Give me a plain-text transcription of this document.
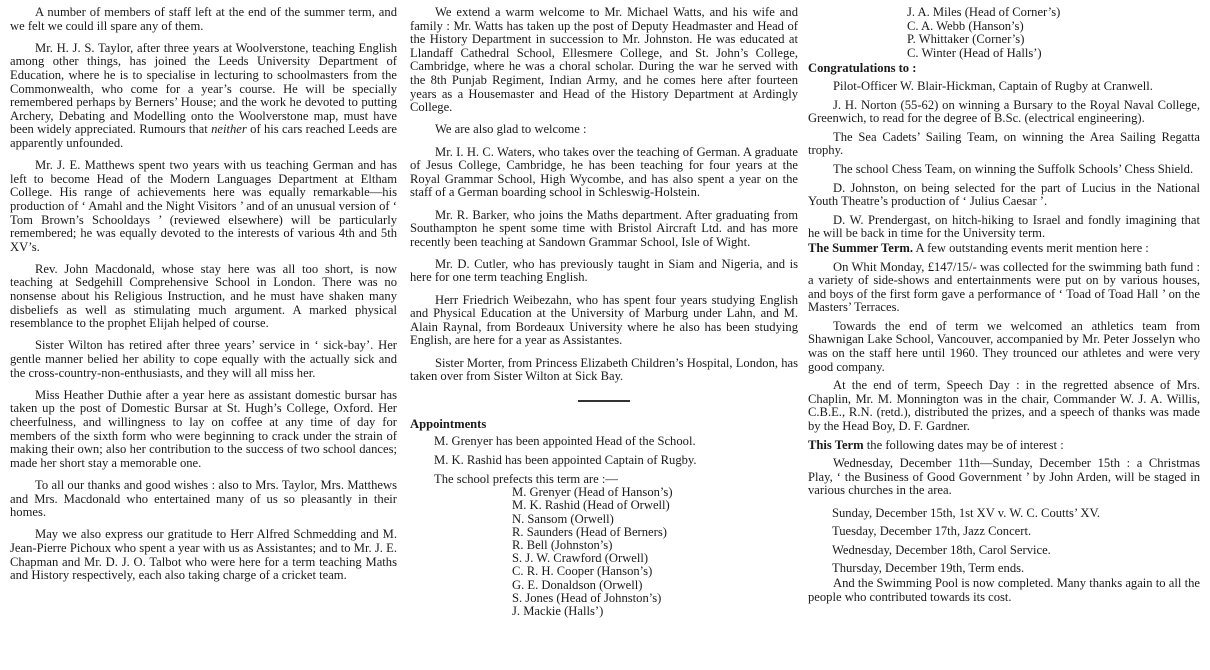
A number of members of staff left at the end of the summer term, and we felt we could ill spare any of them.

Mr. H. J. S. Taylor, after three years at Woolverstone, teaching English among other things, has joined the Leeds University Department of Education, where he is to specialise in lecturing to schoolmasters from the Commonwealth, who come for a year’s course. He will be specially remembered perhaps by Berners’ House; and the work he devoted to putting Archery, Debating and Modelling onto the Woolverstone map, must have been widely appreciated. Rumours that neither of his cars reached Leeds are apparently unfounded.

Mr. J. E. Matthews spent two years with us teaching German and has left to become Head of the Modern Languages Department at Eltham College. His range of achievements here was equally remarkable—his production of ‘ Amahl and the Night Visitors ’ and of an unusual version of ‘ Tom Brown’s Schooldays ’ (reviewed elsewhere) will be particularly remembered; he was equally devoted to the interests of various 4th and 5th XV’s.

Rev. John Macdonald, whose stay here was all too short, is now teaching at Sedgehill Comprehensive School in London. There was no nonsense about his Religious Instruction, and he must have shaken many disbeliefs as well as stimulating much argument. A marked physical resemblance to the prophet Elijah helped of course.

Sister Wilton has retired after three years’ service in ‘ sick-bay’. Her gentle manner belied her ability to cope equally with the actually sick and the cross-country-non-enthusiasts, and they will all miss her.

Miss Heather Duthie after a year here as assistant domestic bursar has taken up the post of Domestic Bursar at St. Hugh’s College, Oxford. Her cheerfulness, and willingness to lay on coffee at any time of day for members of the sixth form who were beginning to crack under the strain of making their own; also her contribution to the success of two school dances; made her short stay a memorable one.

To all our thanks and good wishes : also to Mrs. Taylor, Mrs. Matthews and Mrs. Macdonald who entertained many of us so pleasantly in their homes.

May we also express our gratitude to Herr Alfred Schmedding and M. Jean-Pierre Pichoux who spent a year with us as Assistantes; and to Mr. J. E. Chapman and Mr. D. J. O. Talbot who were here for a term teaching Maths and History respectively, each also taking charge of a cricket team.

We extend a warm welcome to Mr. Michael Watts, and his wife and family : Mr. Watts has taken up the post of Deputy Headmaster and Head of the History Department in succession to Mr. Johnston. He was educated at Llandaff Cathedral School, Ellesmere College, and St. John’s College, Cambridge, where he was a choral scholar. During the war he served with the 8th Punjab Regiment, Indian Army, and he comes here after fourteen years as a Housemaster and Head of the History Department at Ardingly College.

We are also glad to welcome :

Mr. I. H. C. Waters, who takes over the teaching of German. A graduate of Jesus College, Cambridge, he has been teaching for four years at the Royal Grammar School, High Wycombe, and has also spent a year on the staff of a German boarding school in Schleswig-Holstein.

Mr. R. Barker, who joins the Maths department. After graduating from Southampton he spent some time with Bristol Aircraft Ltd. and has more recently been teaching at Sandown Grammar School, Isle of Wight.

Mr. D. Cutler, who has previously taught in Siam and Nigeria, and is here for one term teaching English.

Herr Friedrich Weibezahn, who has spent four years studying English and Physical Education at the University of Marburg under Lahn, and M. Alain Raynal, from Bordeaux University where he also has been studying English, are here for a year as Assistantes.

Sister Morter, from Princess Elizabeth Children’s Hospital, London, has taken over from Sister Wilton at Sick Bay.

Appointments
M. Grenyer has been appointed Head of the School.
M. K. Rashid has been appointed Captain of Rugby.
The school prefects this term are :—
M. Grenyer (Head of Hanson’s)
M. K. Rashid (Head of Orwell)
N. Sansom (Orwell)
R. Saunders (Head of Berners)
R. Bell (Johnston’s)
S. J. W. Crawford (Orwell)
C. R. H. Cooper (Hanson’s)
G. E. Donaldson (Orwell)
S. Jones (Head of Johnston’s)
J. Mackie (Halls’)
J. A. Miles (Head of Corner’s)
C. A. Webb (Hanson’s)
P. Whittaker (Corner’s)
C. Winter (Head of Halls’)
Congratulations to :

Pilot-Officer W. Blair-Hickman, Captain of Rugby at Cranwell.

J. H. Norton (55-62) on winning a Bursary to the Royal Naval College, Greenwich, to read for the degree of B.Sc. (electrical engineering).

The Sea Cadets’ Sailing Team, on winning the Area Sailing Regatta trophy.

The school Chess Team, on winning the Suffolk Schools’ Chess Shield.

D. Johnston, on being selected for the part of Lucius in the National Youth Theatre’s production of ‘ Julius Caesar ’.

D. W. Prendergast, on hitch-hiking to Israel and fondly imagining that he will be back in time for the University term.

The Summer Term. A few outstanding events merit mention here :

On Whit Monday, £147/15/- was collected for the swimming bath fund : a variety of side-shows and entertainments were put on by various houses, and boys of the first form gave a performance of ‘ Toad of Toad Hall ’ on the Masters’ Terraces.

Towards the end of term we welcomed an athletics team from Shawnigan Lake School, Vancouver, accompanied by Mr. Peter Josselyn who was on the staff here until 1960. They trounced our athletes and were very good company.

At the end of term, Speech Day : in the regretted absence of Mrs. Chaplin, Mr. M. Monnington was in the chair, Commander W. J. A. Willis, C.B.E., R.N. (retd.), distributed the prizes, and a speech of thanks was made by the Head Boy, D. F. Gardner.

This Term the following dates may be of interest :

Wednesday, December 11th—Sunday, December 15th : a Christmas Play, ‘ the Business of Good Government ’ by John Arden, will be staged in various churches in the area.

Sunday, December 15th, 1st XV v. W. C. Coutts’ XV.
Tuesday, December 17th, Jazz Concert.
Wednesday, December 18th, Carol Service.
Thursday, December 19th, Term ends.

And the Swimming Pool is now completed. Many thanks again to all the people who contributed towards its cost.
